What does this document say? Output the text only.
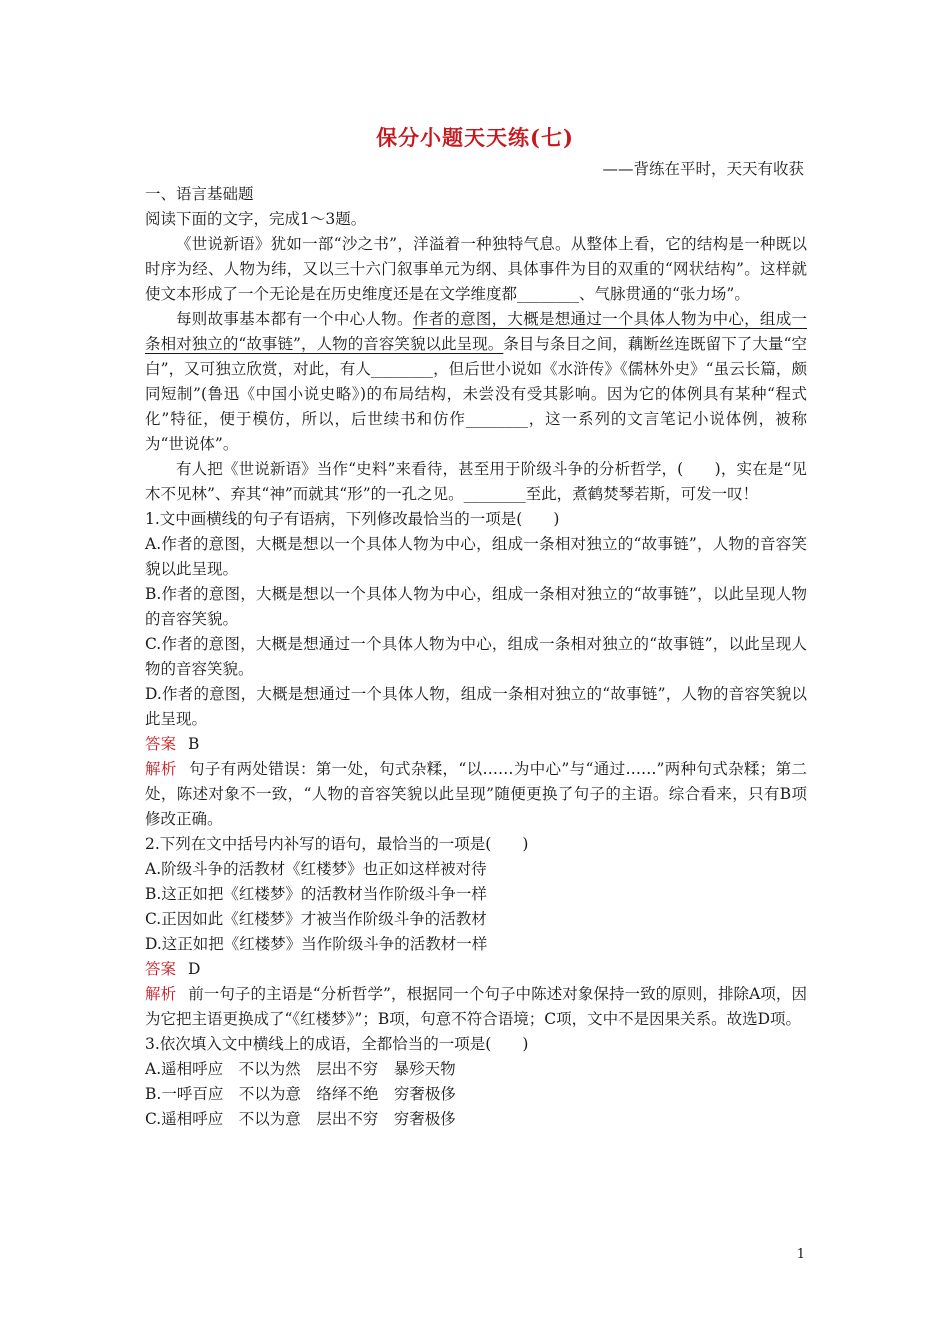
保分小题天天练(七)
——背练在平时，天天有收获

一、语言基础题

阅读下面的文字，完成1～3题。

《世说新语》犹如一部“沙之书”，洋溢着一种独特气息。从整体上看，它的结构是一种既以时序为经、人物为纬，又以三十六门叙事单元为纲、具体事件为目的双重的“网状结构”。这样就使文本形成了一个无论是在历史维度还是在文学维度都________、气脉贯通的“张力场”。

每则故事基本都有一个中心人物。作者的意图，大概是想通过一个具体人物为中心，组成一条相对独立的“故事链”，人物的音容笑貌以此呈现。条目与条目之间，藕断丝连既留下了大量“空白”，又可独立欣赏，对此，有人________，但后世小说如《水浒传》《儒林外史》“虽云长篇，颇同短制”(鲁迅《中国小说史略》)的布局结构，未尝没有受其影响。因为它的体例具有某种“程式化”特征，便于模仿，所以，后世续书和仿作________，这一系列的文言笔记小说体例，被称为“世说体”。

有人把《世说新语》当作“史料”来看待，甚至用于阶级斗争的分析哲学，(　　)，实在是“见木不见林”、弃其“神”而就其“形”的一孔之见。________至此，煮鹤焚琴若斯，可发一叹！

1.文中画横线的句子有语病，下列修改最恰当的一项是(　　)

A.作者的意图，大概是想以一个具体人物为中心，组成一条相对独立的“故事链”，人物的音容笑貌以此呈现。

B.作者的意图，大概是想以一个具体人物为中心，组成一条相对独立的“故事链”，以此呈现人物的音容笑貌。

C.作者的意图，大概是想通过一个具体人物为中心，组成一条相对独立的“故事链”，以此呈现人物的音容笑貌。

D.作者的意图，大概是想通过一个具体人物，组成一条相对独立的“故事链”，人物的音容笑貌以此呈现。

答案 B

解析 句子有两处错误：第一处，句式杂糅，“以……为中心”与“通过……”两种句式杂糅；第二处，陈述对象不一致，“人物的音容笑貌以此呈现”随便更换了句子的主语。综合看来，只有B项修改正确。

2.下列在文中括号内补写的语句，最恰当的一项是(　　)

A.阶级斗争的活教材《红楼梦》也正如这样被对待

B.这正如把《红楼梦》的活教材当作阶级斗争一样

C.正因如此《红楼梦》才被当作阶级斗争的活教材

D.这正如把《红楼梦》当作阶级斗争的活教材一样

答案 D

解析 前一句子的主语是“分析哲学”，根据同一个句子中陈述对象保持一致的原则，排除A项，因为它把主语更换成了“《红楼梦》”；B项，句意不符合语境；C项，文中不是因果关系。故选D项。

3.依次填入文中横线上的成语，全都恰当的一项是(　　)

A.遥相呼应　不以为然　层出不穷　暴殄天物

B.一呼百应　不以为意　络绎不绝　穷奢极侈

C.遥相呼应　不以为意　层出不穷　穷奢极侈

1
